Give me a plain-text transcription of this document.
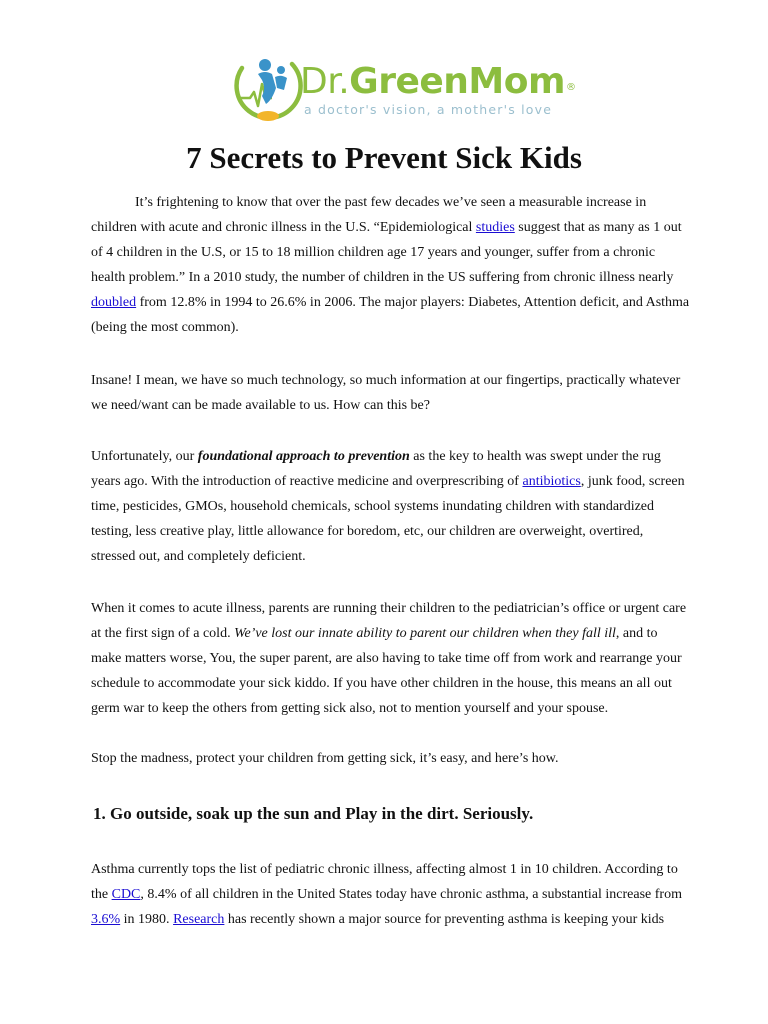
Dr.GreenMom®
a doctor's vision, a mother's love
7 Secrets to Prevent Sick Kids

It’s frightening to know that over the past few decades we’ve seen a measurable increase in children with acute and chronic illness in the U.S. “Epidemiological studies suggest that as many as 1 out of 4 children in the U.S, or 15 to 18 million children age 17 years and younger, suffer from a chronic health problem.” In a 2010 study, the number of children in the US suffering from chronic illness nearly doubled from 12.8% in 1994 to 26.6% in 2006. The major players: Diabetes, Attention deficit, and Asthma (being the most common).

Insane! I mean, we have so much technology, so much information at our fingertips, practically whatever we need/want can be made available to us. How can this be?

Unfortunately, our foundational approach to prevention as the key to health was swept under the rug years ago. With the introduction of reactive medicine and overprescribing of antibiotics, junk food, screen time, pesticides, GMOs, household chemicals, school systems inundating children with standardized testing, less creative play, little allowance for boredom, etc, our children are overweight, overtired, stressed out, and completely deficient.

When it comes to acute illness, parents are running their children to the pediatrician’s office or urgent care at the first sign of a cold. We’ve lost our innate ability to parent our children when they fall ill, and to make matters worse, You, the super parent, are also having to take time off from work and rearrange your schedule to accommodate your sick kiddo. If you have other children in the house, this means an all out germ war to keep the others from getting sick also, not to mention yourself and your spouse.

Stop the madness, protect your children from getting sick, it’s easy, and here’s how.

1. Go outside, soak up the sun and Play in the dirt. Seriously.

Asthma currently tops the list of pediatric chronic illness, affecting almost 1 in 10 children. According to the CDC, 8.4% of all children in the United States today have chronic asthma, a substantial increase from 3.6% in 1980. Research has recently shown a major source for preventing asthma is keeping your kids
